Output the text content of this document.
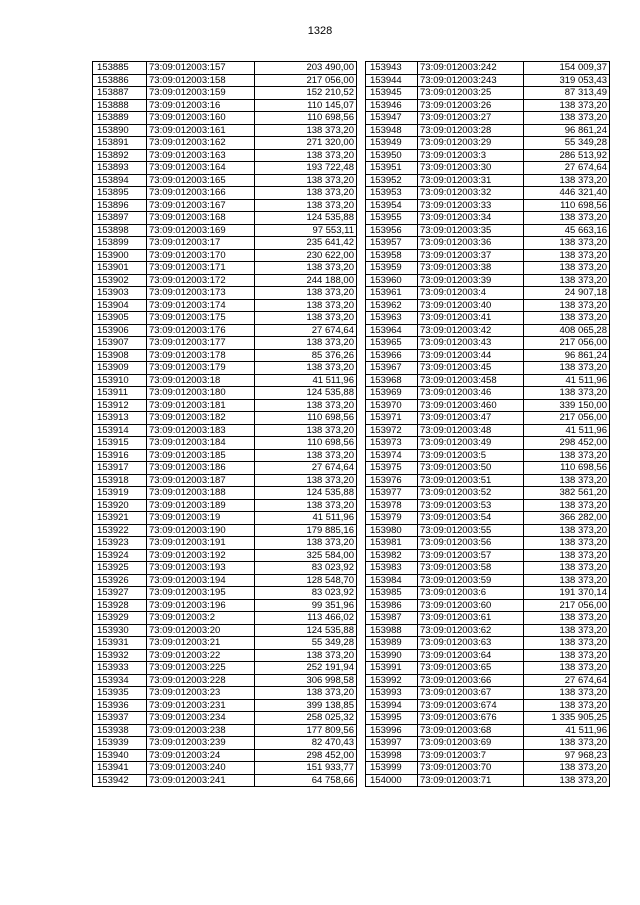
1328
153885	73:09:012003:157	203 490,00
153886	73:09:012003:158	217 056,00
153887	73:09:012003:159	152 210,52
153888	73:09:012003:16	110 145,07
153889	73:09:012003:160	110 698,56
153890	73:09:012003:161	138 373,20
153891	73:09:012003:162	271 320,00
153892	73:09:012003:163	138 373,20
153893	73:09:012003:164	193 722,48
153894	73:09:012003:165	138 373,20
153895	73:09:012003:166	138 373,20
153896	73:09:012003:167	138 373,20
153897	73:09:012003:168	124 535,88
153898	73:09:012003:169	97 553,11
153899	73:09:012003:17	235 641,42
153900	73:09:012003:170	230 622,00
153901	73:09:012003:171	138 373,20
153902	73:09:012003:172	244 188,00
153903	73:09:012003:173	138 373,20
153904	73:09:012003:174	138 373,20
153905	73:09:012003:175	138 373,20
153906	73:09:012003:176	27 674,64
153907	73:09:012003:177	138 373,20
153908	73:09:012003:178	85 376,26
153909	73:09:012003:179	138 373,20
153910	73:09:012003:18	41 511,96
153911	73:09:012003:180	124 535,88
153912	73:09:012003:181	138 373,20
153913	73:09:012003:182	110 698,56
153914	73:09:012003:183	138 373,20
153915	73:09:012003:184	110 698,56
153916	73:09:012003:185	138 373,20
153917	73:09:012003:186	27 674,64
153918	73:09:012003:187	138 373,20
153919	73:09:012003:188	124 535,88
153920	73:09:012003:189	138 373,20
153921	73:09:012003:19	41 511,96
153922	73:09:012003:190	179 885,16
153923	73:09:012003:191	138 373,20
153924	73:09:012003:192	325 584,00
153925	73:09:012003:193	83 023,92
153926	73:09:012003:194	128 548,70
153927	73:09:012003:195	83 023,92
153928	73:09:012003:196	99 351,96
153929	73:09:012003:2	113 466,02
153930	73:09:012003:20	124 535,88
153931	73:09:012003:21	55 349,28
153932	73:09:012003:22	138 373,20
153933	73:09:012003:225	252 191,94
153934	73:09:012003:228	306 998,58
153935	73:09:012003:23	138 373,20
153936	73:09:012003:231	399 138,85
153937	73:09:012003:234	258 025,32
153938	73:09:012003:238	177 809,56
153939	73:09:012003:239	82 470,43
153940	73:09:012003:24	298 452,00
153941	73:09:012003:240	151 933,77
153942	73:09:012003:241	64 758,66
153943	73:09:012003:242	154 009,37
153944	73:09:012003:243	319 053,43
153945	73:09:012003:25	87 313,49
153946	73:09:012003:26	138 373,20
153947	73:09:012003:27	138 373,20
153948	73:09:012003:28	96 861,24
153949	73:09:012003:29	55 349,28
153950	73:09:012003:3	286 513,92
153951	73:09:012003:30	27 674,64
153952	73:09:012003:31	138 373,20
153953	73:09:012003:32	446 321,40
153954	73:09:012003:33	110 698,56
153955	73:09:012003:34	138 373,20
153956	73:09:012003:35	45 663,16
153957	73:09:012003:36	138 373,20
153958	73:09:012003:37	138 373,20
153959	73:09:012003:38	138 373,20
153960	73:09:012003:39	138 373,20
153961	73:09:012003:4	24 907,18
153962	73:09:012003:40	138 373,20
153963	73:09:012003:41	138 373,20
153964	73:09:012003:42	408 065,28
153965	73:09:012003:43	217 056,00
153966	73:09:012003:44	96 861,24
153967	73:09:012003:45	138 373,20
153968	73:09:012003:458	41 511,96
153969	73:09:012003:46	138 373,20
153970	73:09:012003:460	339 150,00
153971	73:09:012003:47	217 056,00
153972	73:09:012003:48	41 511,96
153973	73:09:012003:49	298 452,00
153974	73:09:012003:5	138 373,20
153975	73:09:012003:50	110 698,56
153976	73:09:012003:51	138 373,20
153977	73:09:012003:52	382 561,20
153978	73:09:012003:53	138 373,20
153979	73:09:012003:54	366 282,00
153980	73:09:012003:55	138 373,20
153981	73:09:012003:56	138 373,20
153982	73:09:012003:57	138 373,20
153983	73:09:012003:58	138 373,20
153984	73:09:012003:59	138 373,20
153985	73:09:012003:6	191 370,14
153986	73:09:012003:60	217 056,00
153987	73:09:012003:61	138 373,20
153988	73:09:012003:62	138 373,20
153989	73:09:012003:63	138 373,20
153990	73:09:012003:64	138 373,20
153991	73:09:012003:65	138 373,20
153992	73:09:012003:66	27 674,64
153993	73:09:012003:67	138 373,20
153994	73:09:012003:674	138 373,20
153995	73:09:012003:676	1 335 905,25
153996	73:09:012003:68	41 511,96
153997	73:09:012003:69	138 373,20
153998	73:09:012003:7	97 968,23
153999	73:09:012003:70	138 373,20
154000	73:09:012003:71	138 373,20
